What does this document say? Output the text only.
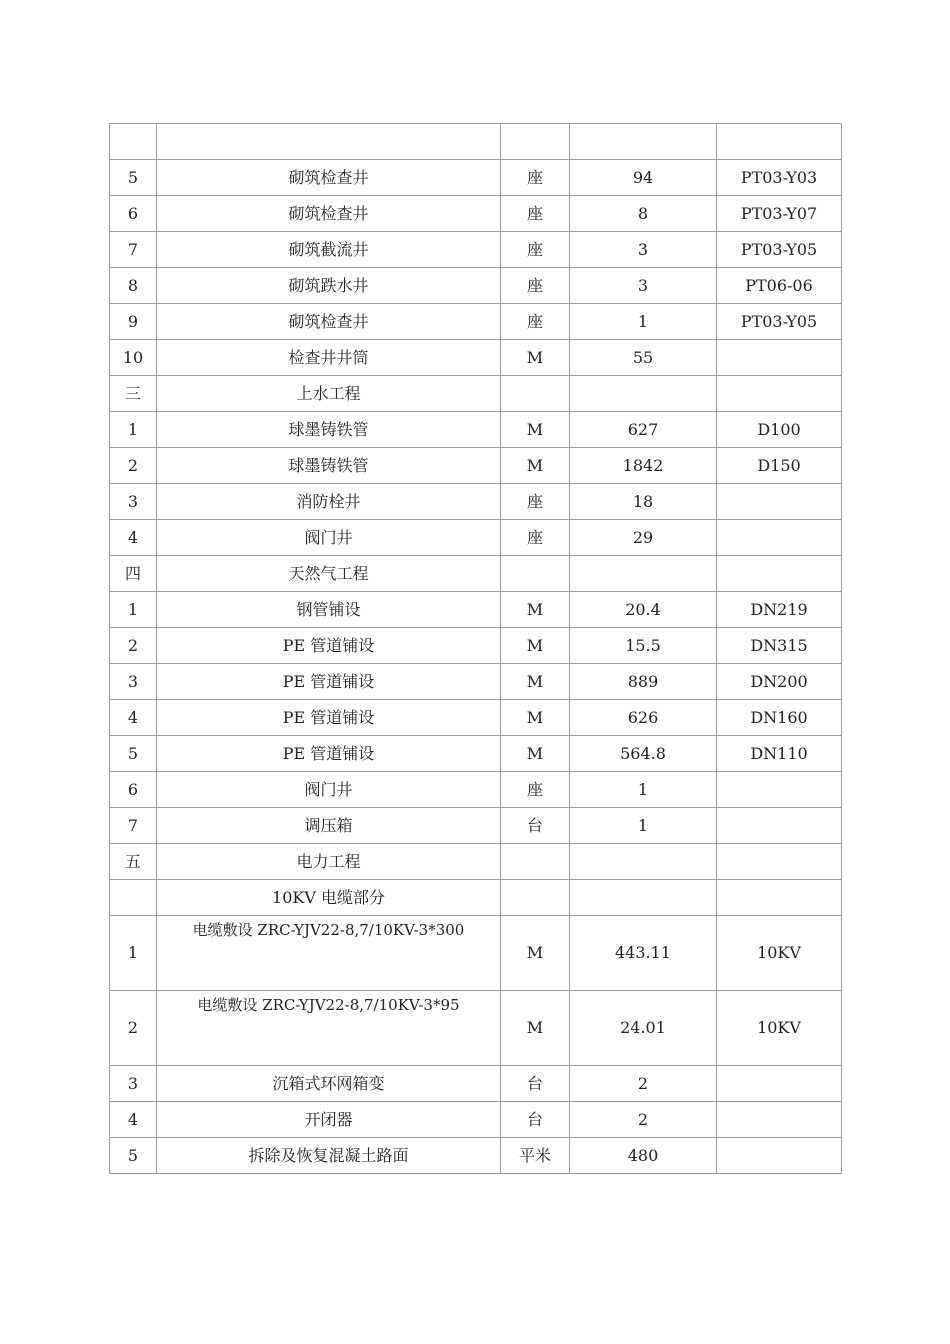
5	砌筑检查井	座	94	PT03-Y03
6	砌筑检查井	座	8	PT03-Y07
7	砌筑截流井	座	3	PT03-Y05
8	砌筑跌水井	座	3	PT06-06
9	砌筑检查井	座	1	PT03-Y05
10	检查井井筒	M	55	
三	上水工程			
1	球墨铸铁管	M	627	D100
2	球墨铸铁管	M	1842	D150
3	消防栓井	座	18	
4	阀门井	座	29	
四	天然气工程			
1	钢管铺设	M	20.4	DN219
2	PE 管道铺设	M	15.5	DN315
3	PE 管道铺设	M	889	DN200
4	PE 管道铺设	M	626	DN160
5	PE 管道铺设	M	564.8	DN110
6	阀门井	座	1	
7	调压箱	台	1	
五	电力工程			
	10KV 电缆部分			
1	电缆敷设 ZRC-YJV22-8,7/10KV-3*300	M	443.11	10KV
2	电缆敷设 ZRC-YJV22-8,7/10KV-3*95	M	24.01	10KV
3	沉箱式环网箱变	台	2	
4	开闭器	台	2	
5	拆除及恢复混凝土路面	平米	480	
